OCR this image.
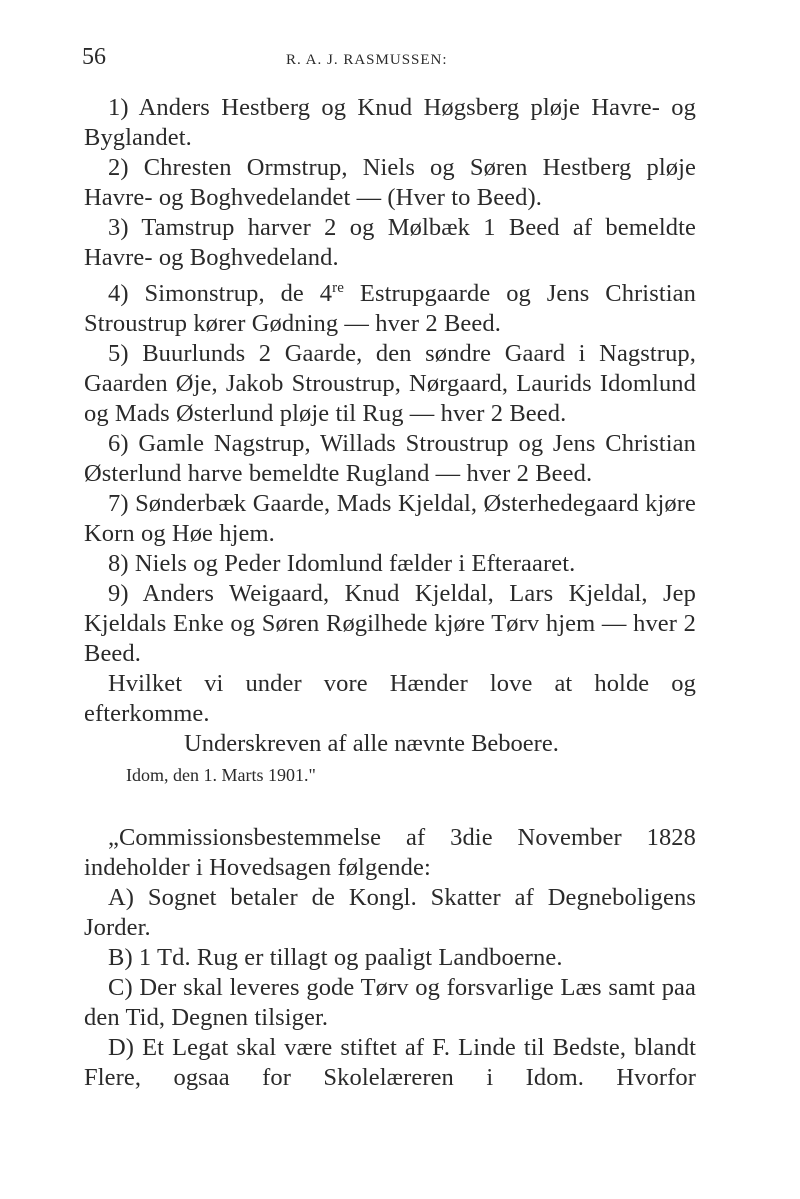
56	R. A. J. RASMUSSEN:

1) Anders Hestberg og Knud Høgsberg pløje Havre- og Byglandet.

2) Chresten Ormstrup, Niels og Søren Hestberg pløje Havre- og Boghvedelandet — (Hver to Beed).

3) Tamstrup harver 2 og Mølbæk 1 Beed af bemeldte Havre- og Boghvedeland.

4) Simonstrup, de 4re Estrupgaarde og Jens Christian Stroustrup kører Gødning — hver 2 Beed.

5) Buurlunds 2 Gaarde, den søndre Gaard i Nagstrup, Gaarden Øje, Jakob Stroustrup, Nørgaard, Laurids Idomlund og Mads Østerlund pløje til Rug — hver 2 Beed.

6) Gamle Nagstrup, Willads Stroustrup og Jens Christian Østerlund harve bemeldte Rugland — hver 2 Beed.

7) Sønderbæk Gaarde, Mads Kjeldal, Østerhedegaard kjøre Korn og Høe hjem.

8) Niels og Peder Idomlund fælder i Efteraaret.

9) Anders Weigaard, Knud Kjeldal, Lars Kjeldal, Jep Kjeldals Enke og Søren Røgilhede kjøre Tørv hjem — hver 2 Beed.

Hvilket vi under vore Hænder love at holde og efterkomme.

Underskreven af alle nævnte Beboere.

Idom, den 1. Marts 1901."

„Commissionsbestemmelse af 3die November 1828 indeholder i Hovedsagen følgende:

A) Sognet betaler de Kongl. Skatter af Degneboligens Jorder.

B) 1 Td. Rug er tillagt og paaligt Landboerne.

C) Der skal leveres gode Tørv og forsvarlige Læs samt paa den Tid, Degnen tilsiger.

D) Et Legat skal være stiftet af F. Linde til Bedste, blandt Flere, ogsaa for Skolelæreren i Idom. Hvorfor
